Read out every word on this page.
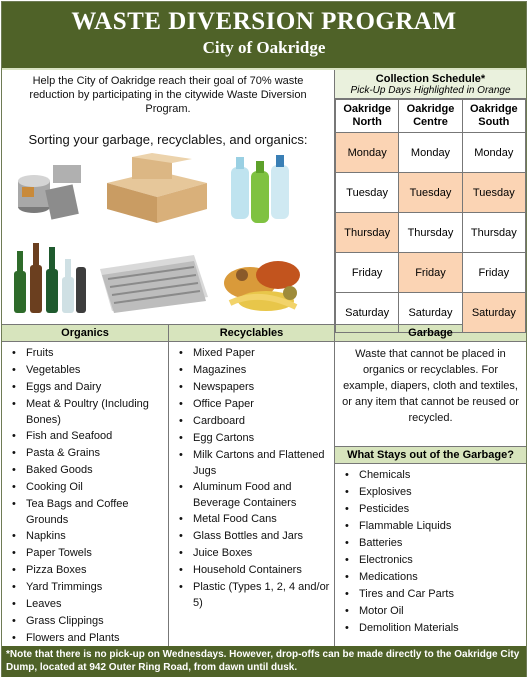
WASTE DIVERSION PROGRAM
City of Oakridge
Help the City of Oakridge reach their goal of 70% waste reduction by participating in the citywide Waste Diversion Program.
Sorting your garbage, recyclables, and organics:
Collection Schedule*
Pick-Up Days Highlighted in Orange
Oakridge North	Oakridge Centre	Oakridge South
Monday	Monday	Monday
Tuesday	Tuesday	Tuesday
Thursday	Thursday	Thursday
Friday	Friday	Friday
Saturday	Saturday	Saturday
Organics	Recyclables	Garbage
• Fruits
• Vegetables
• Eggs and Dairy
• Meat & Poultry (Including Bones)
• Fish and Seafood
• Pasta & Grains
• Baked Goods
• Cooking Oil
• Tea Bags and Coffee Grounds
• Napkins
• Paper Towels
• Pizza Boxes
• Yard Trimmings
• Leaves
• Grass Clippings
• Flowers and Plants
• Mixed Paper
• Magazines
• Newspapers
• Office Paper
• Cardboard
• Egg Cartons
• Milk Cartons and Flattened Jugs
• Aluminum Food and Beverage Containers
• Metal Food Cans
• Glass Bottles and Jars
• Juice Boxes
• Household Containers
• Plastic (Types 1, 2, 4 and/or 5)
Waste that cannot be placed in organics or recyclables. For example, diapers, cloth and textiles, or any item that cannot be reused or recycled.
What Stays out of the Garbage?
• Chemicals
• Explosives
• Pesticides
• Flammable Liquids
• Batteries
• Electronics
• Medications
• Tires and Car Parts
• Motor Oil
• Demolition Materials
*Note that there is no pick-up on Wednesdays. However, drop-offs can be made directly to the Oakridge City Dump, located at 942 Outer Ring Road, from dawn until dusk.
